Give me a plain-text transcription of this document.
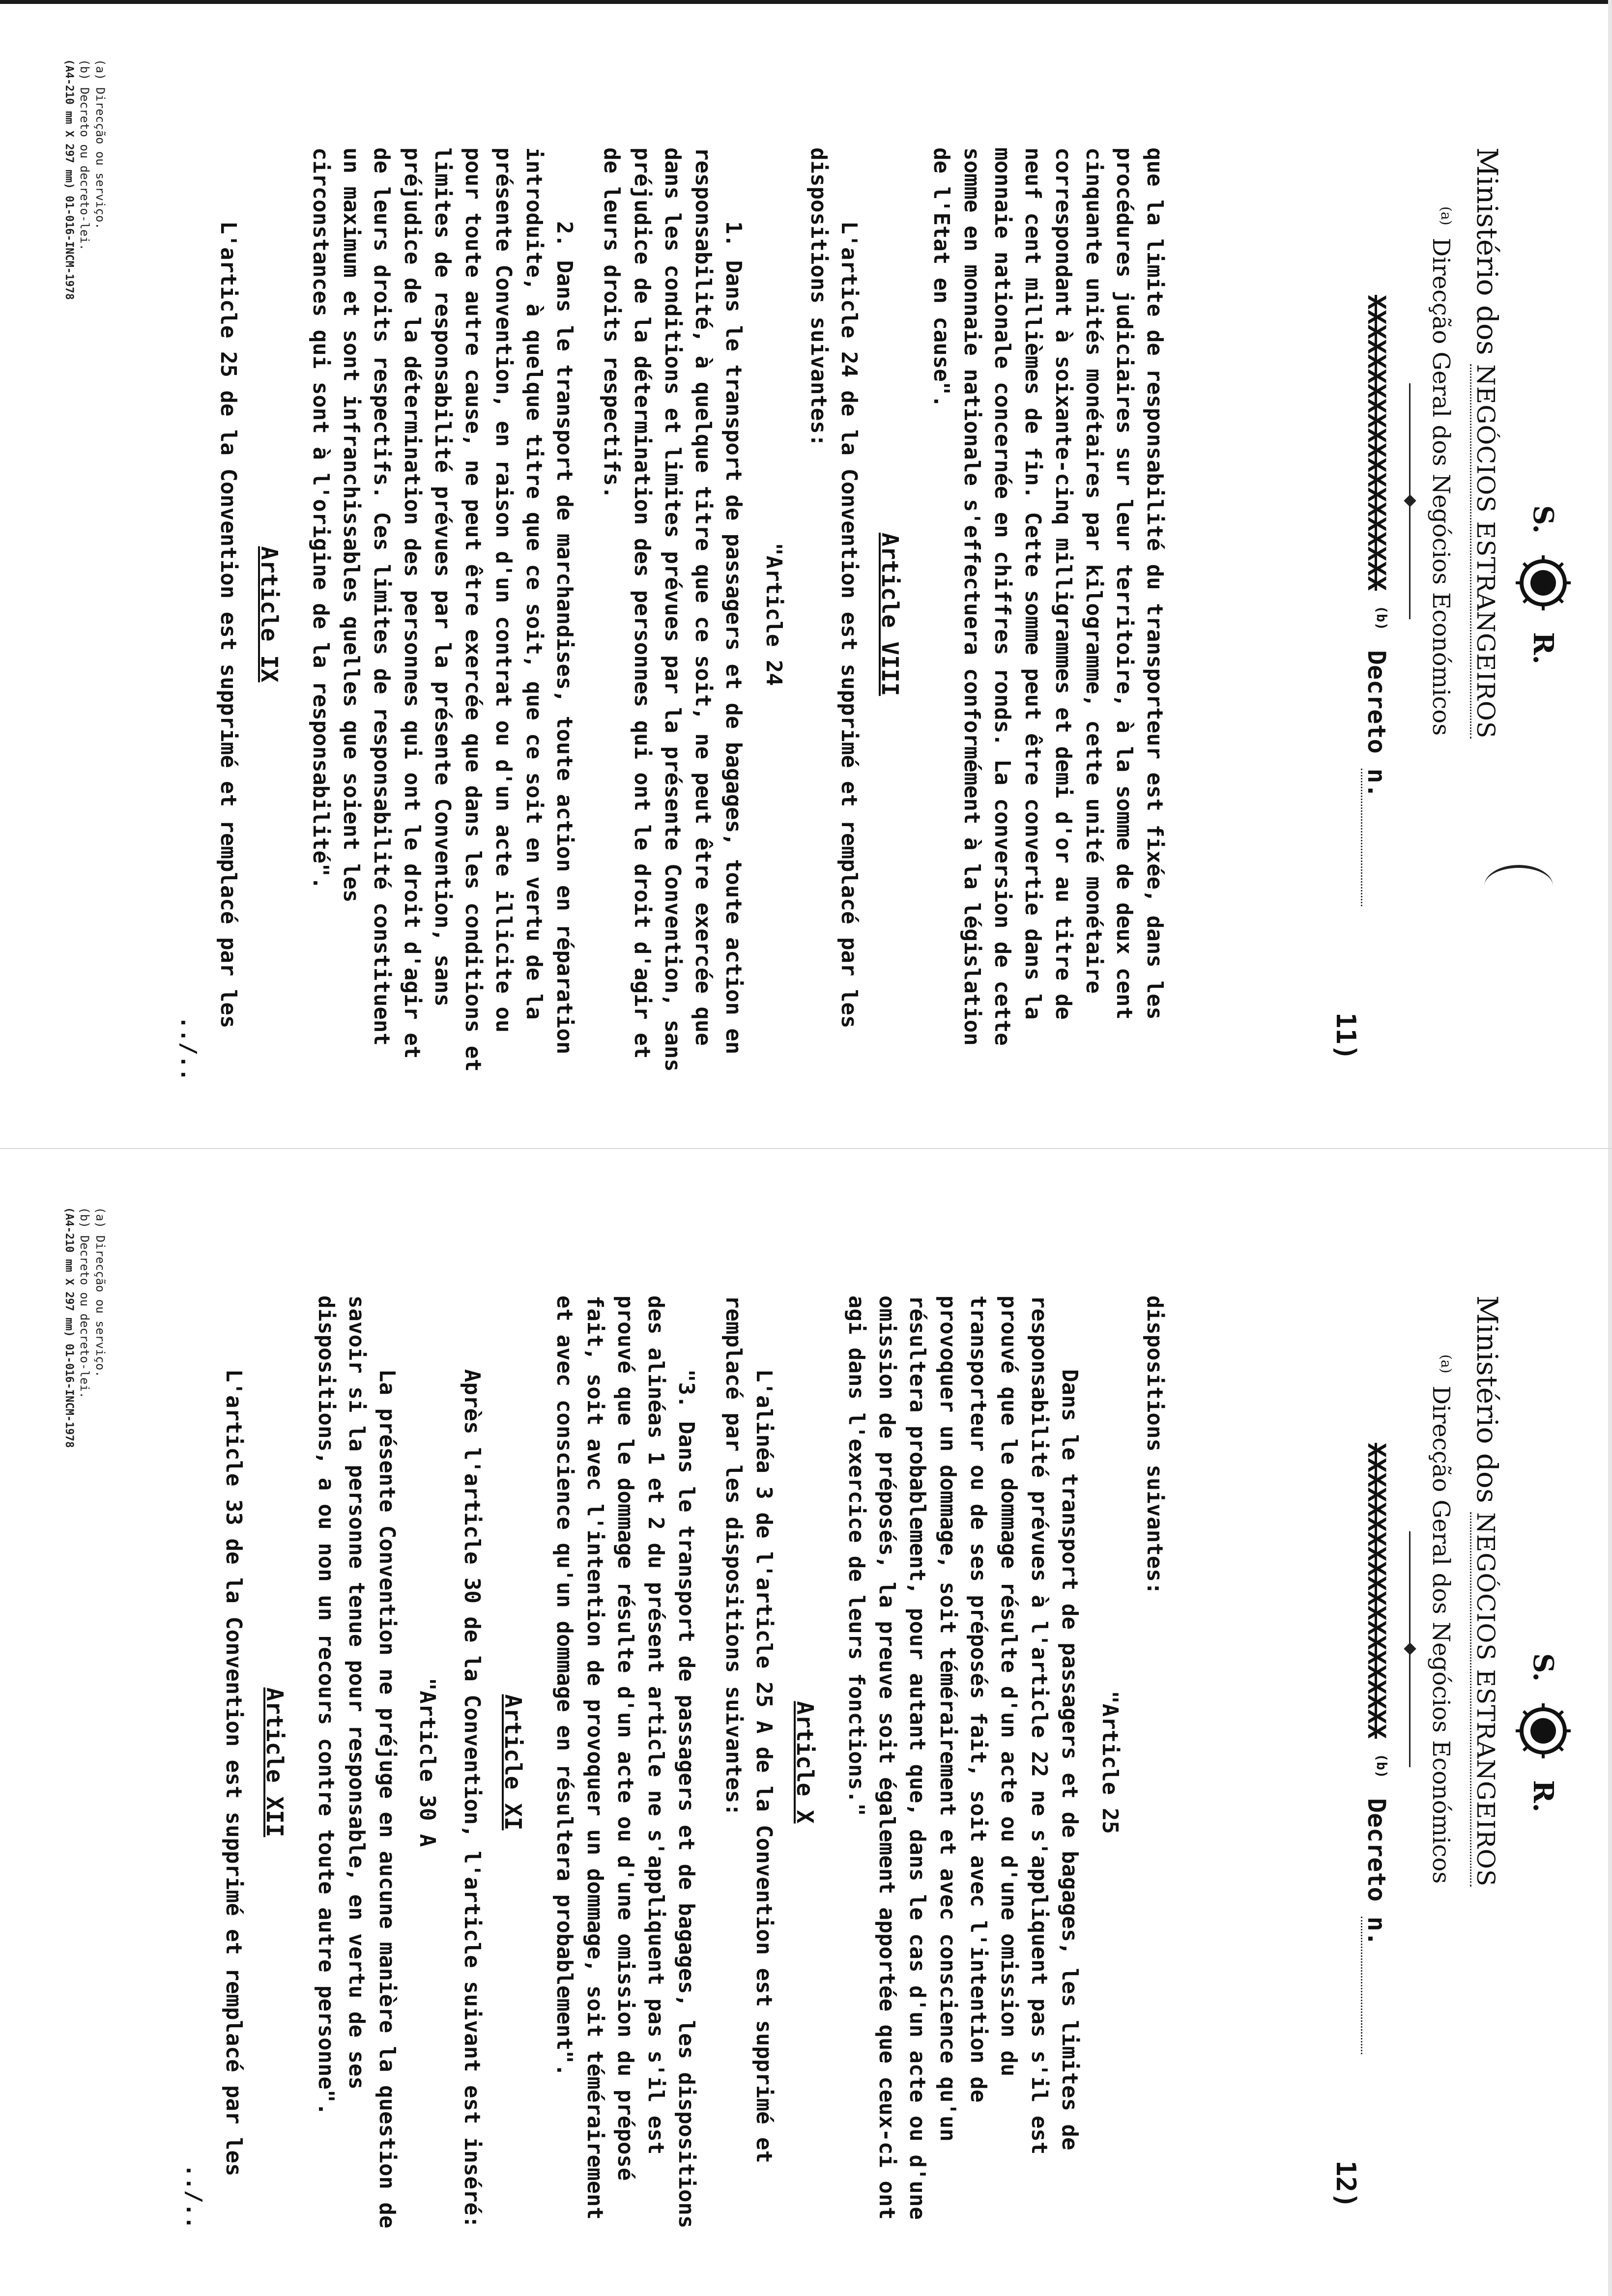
S.
R.
Ministério dos NEGÓCIOS ESTRANGEIROS
$^{(a)}$ Direcção Geral dos Negócios Económicos
XXXXXXXXXXXXXXXXXXXX $^{(b)}$ Decreto n.
11)

que la limite de responsabilité du transporteur est fixée, dans les procédures judiciaires sur leur territoire, à la somme de deux cent cinquante unités monétaires par kilogramme, cette unité monétaire correspondant à soixante-cinq milligrammes et demi d'or au titre de neuf cent millièmes de fin. Cette somme peut être convertie dans la monnaie nationale concernée en chiffres ronds. La conversion de cette somme en monnaie nationale s'effectuera conformément à la législation de l'Etat en cause".

Article VIII

L'article 24 de la Convention est supprimé et remplacé par les dispositions suivantes:

"Article 24

1. Dans le transport de passagers et de bagages, toute action en responsabilité, à quelque titre que ce soit, ne peut être exercée que dans les conditions et limites prévues par la présente Convention, sans préjudice de la détermination des personnes qui ont le droit d'agir et de leurs droits respectifs.

2. Dans le transport de marchandises, toute action en réparation introduite, à quelque titre que ce soit, que ce soit en vertu de la présente Convention, en raison d'un contrat ou d'un acte illicite ou pour toute autre cause, ne peut être exercée que dans les conditions et limites de responsabilité prévues par la présente Convention, sans préjudice de la détermination des personnes qui ont le droit d'agir et de leurs droits respectifs. Ces limites de responsabilité constituent un maximum et sont infranchissables quelles que soient les circonstances qui sont à l'origine de la responsabilité".

Article IX

L'article 25 de la Convention est supprimé et remplacé par les

../..
(a) Direcção ou serviço.
(b) Decreto ou decreto-lei.
(A4-210 mm X 297 mm) 01-016-INCM-1978
S.
R.
Ministério dos NEGÓCIOS ESTRANGEIROS
$^{(a)}$ Direcção Geral dos Negócios Económicos
XXXXXXXXXXXXXXXXXXXX $^{(b)}$ Decreto n.
12)

dispositions suivantes:

"Article 25

Dans le transport de passagers et de bagages, les limites de responsabilité prévues à l'article 22 ne s'appliquent pas s'il est prouvé que le dommage résulte d'un acte ou d'une omission du transporteur ou de ses préposés fait, soit avec l'intention de provoquer un dommage, soit témérairement et avec conscience qu'un résultera probablement, pour autant que, dans le cas d'un acte ou d'une omission de préposés, la preuve soit également apportée que ceux-ci ont agi dans l'exercice de leurs fonctions."

Article X

L'alinéa 3 de l'article 25 A de la Convention est supprimé et remplacé par les dispositions suivantes:

"3. Dans le transport de passagers et de bagages, les dispositions des alinéas 1 et 2 du présent article ne s'appliquent pas s'il est prouvé que le dommage résulte d'un acte ou d'une omission du préposé fait, soit avec l'intention de provoquer un dommage, soit témérairement et avec conscience qu'un dommage en résultera probablement".

Article XI

Après l'article 30 de la Convention, l'article suivant est inséré:

"Article 30 A

La présente Convention ne préjuge en aucune manière la question de savoir si la personne tenue pour responsable, en vertu de ses dispositions, a ou non un recours contre toute autre personne".

Article XII

L'article 33 de la Convention est supprimé et remplacé par les

../..
(a) Direcção ou serviço.
(b) Decreto ou decreto-lei.
(A4-210 mm X 297 mm) 01-016-INCM-1978
